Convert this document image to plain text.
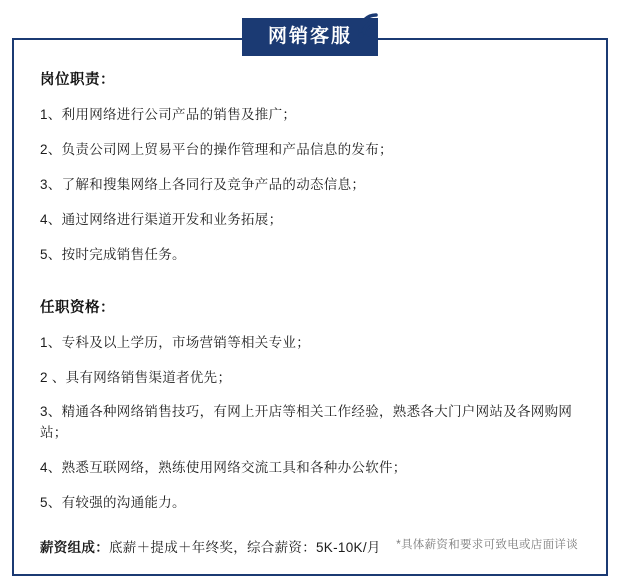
岗位职责：

1、利用网络进行公司产品的销售及推广；

2、负责公司网上贸易平台的操作管理和产品信息的发布；

3、了解和搜集网络上各同行及竞争产品的动态信息；

4、通过网络进行渠道开发和业务拓展；

5、按时完成销售任务。

任职资格：

1、专科及以上学历，市场营销等相关专业；

2 、具有网络销售渠道者优先；

3、精通各种网络销售技巧，有网上开店等相关工作经验，熟悉各大门户网站及各网购网站；

4、熟悉互联网络，熟练使用网络交流工具和各种办公软件；

5、有较强的沟通能力。

薪资组成：底薪＋提成＋年终奖，综合薪资：5K-10K/月	*具体薪资和要求可致电或店面详谈
网销客服
